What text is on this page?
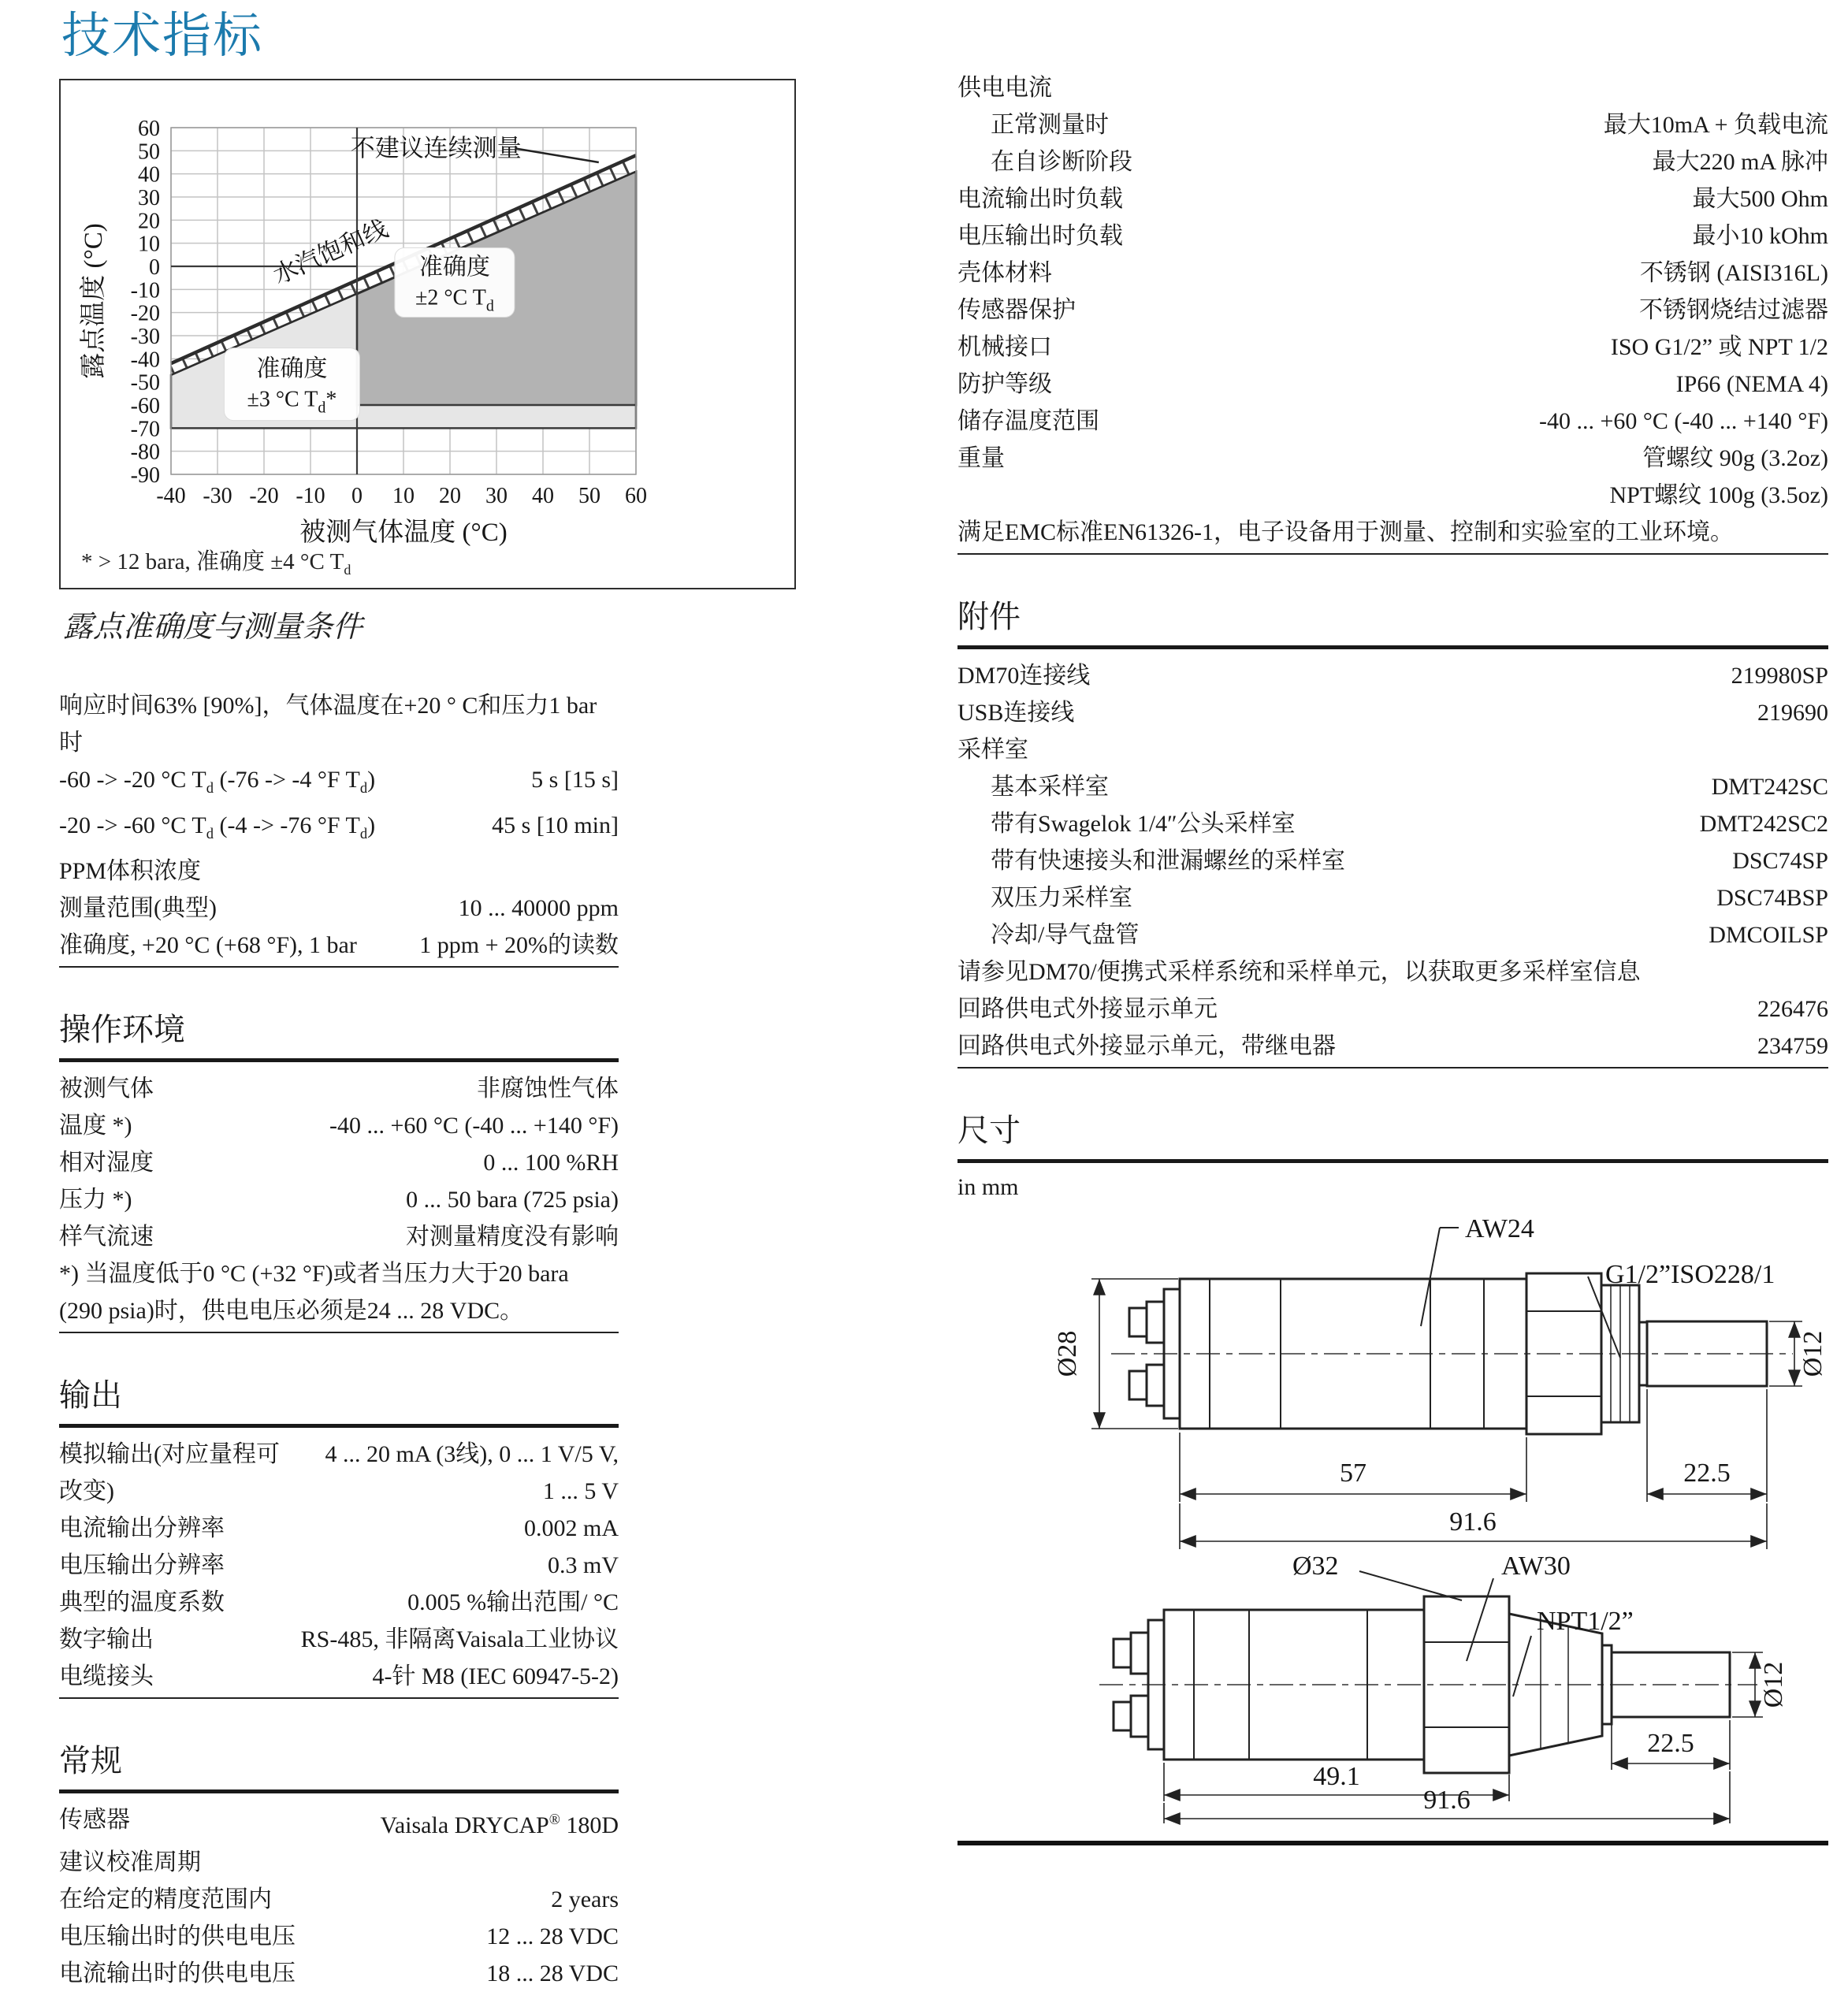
技术指标
-40 -30 -20 -10 0 10 20 30 40 50 60
60
50
40
30
20
10
0
-10
-20
-30
-40
-50
-60
-70
-80
-90
被测气体温度 (°C)
露点温度 (°C)
不建议连续测量
水汽饱和线 准确度
±2 °C $T_d$
准确度
±3 °C $T_d*$
* > 12 bara, 准确度 ±4 °C $T_d$
露点准确度与测量条件
响应时间63% [90%]，气体温度在+20 ° C和压力1 bar时
-60 -> -20 °C $T_d$ (-76 -> -4 °F $T_d$)	5 s [15 s]
-20 -> -60 °C $T_d$ (-4 -> -76 °F $T_d$)	45 s [10 min]
PPM体积浓度
测量范围(典型)	10 ... 40000 ppm
准确度, +20 °C (+68 °F), 1 bar	1 ppm + 20%的读数
操作环境
被测气体	非腐蚀性气体
温度 *)	-40 ... +60 °C (-40 ... +140 °F)
相对湿度	0 ... 100 %RH
压力 *)	0 ... 50 bara (725 psia)
样气流速	对测量精度没有影响
*) 当温度低于0 °C (+32 °F)或者当压力大于20 bara
(290 psia)时，供电电压必须是24 ... 28 VDC。
输出
模拟输出(对应量程可 4 ... 20 mA (3线), 0 ... 1 V/5 V,
改变)	1 ... 5 V
电流输出分辨率	0.002 mA
电压输出分辨率	0.3 mV
典型的温度系数	0.005 %输出范围/ °C
数字输出	RS-485, 非隔离Vaisala工业协议
电缆接头	4-针 M8 (IEC 60947-5-2)
常规
传感器	Vaisala DRYCAP® 180D
建议校准周期
在给定的精度范围内	2 years
电压输出时的供电电压	12 ... 28 VDC
电流输出时的供电电压	18 ... 28 VDC
供电电流
正常测量时	最大10mA + 负载电流
在自诊断阶段	最大220 mA 脉冲
电流输出时负载	最大500 Ohm
电压输出时负载	最小10 kOhm
壳体材料	不锈钢 (AISI316L)
传感器保护	不锈钢烧结过滤器
机械接口	ISO G1/2” 或 NPT 1/2
防护等级	IP66 (NEMA 4)
储存温度范围	-40 ... +60 °C (-40 ... +140 °F)
重量	管螺纹 90g (3.2oz)
NPT螺纹 100g (3.5oz)
满足EMC标准EN61326-1，电子设备用于测量、控制和实验室的工业环境。
附件
DM70连接线	219980SP
USB连接线	219690
采样室
基本采样室	DMT242SC
带有Swagelok 1/4″公头采样室	DMT242SC2
带有快速接头和泄漏螺丝的采样室	DSC74SP
双压力采样室	DSC74BSP
冷却/导气盘管	DMCOILSP
请参见DM70/便携式采样系统和采样单元，以获取更多采样室信息
回路供电式外接显示单元	226476
回路供电式外接显示单元，带继电器	234759
尺寸
in mm
AW24
G1/2”ISO228/1
Ø28
57	22.5
91.6
Ø12
Ø32	AW30
NPT1/2”
Ø12
22.5
49.1
91.6
